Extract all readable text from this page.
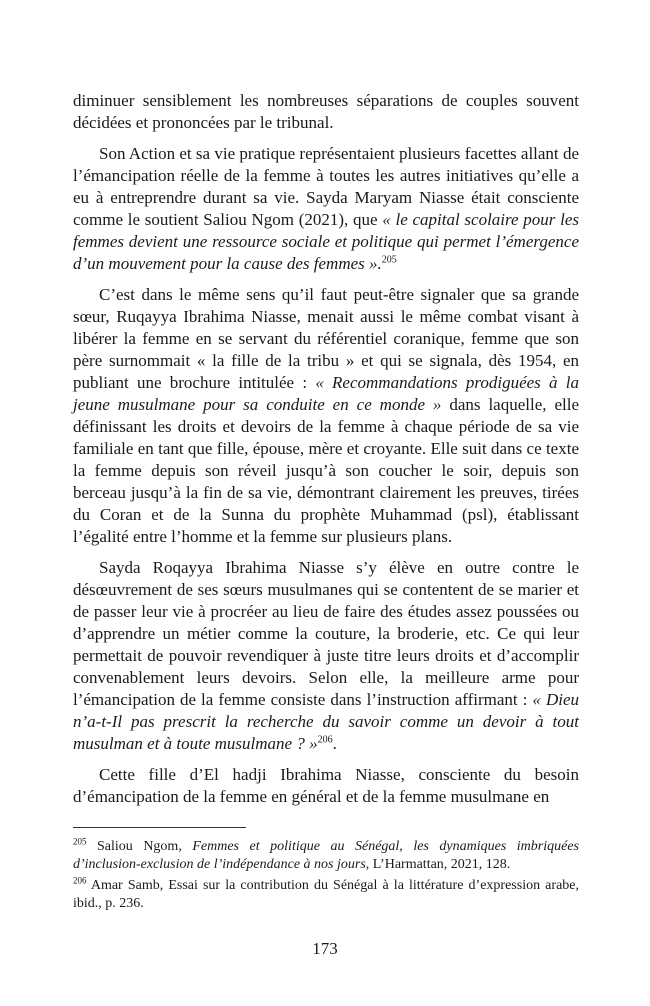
diminuer sensiblement les nombreuses séparations de couples souvent décidées et prononcées par le tribunal.

Son Action et sa vie pratique représentaient plusieurs facettes allant de l’émancipation réelle de la femme à toutes les autres initiatives qu’elle a eu à entreprendre durant sa vie. Sayda Maryam Niasse était consciente comme le soutient Saliou Ngom (2021), que « le capital scolaire pour les femmes devient une ressource sociale et politique qui permet l’émergence d’un mouvement pour la cause des femmes ».$^{205}$

C’est dans le même sens qu’il faut peut-être signaler que sa grande sœur, Ruqayya Ibrahima Niasse, menait aussi le même combat visant à libérer la femme en se servant du référentiel coranique, femme que son père surnommait « la fille de la tribu » et qui se signala, dès 1954, en publiant une brochure intitulée : « Recommandations prodiguées à la jeune musulmane pour sa conduite en ce monde » dans laquelle, elle définissant les droits et devoirs de la femme à chaque période de sa vie familiale en tant que fille, épouse, mère et croyante. Elle suit dans ce texte la femme depuis son réveil jusqu’à son coucher le soir, depuis son berceau jusqu’à la fin de sa vie, démontrant clairement les preuves, tirées du Coran et de la Sunna du prophète Muhammad (psl), établissant l’égalité entre l’homme et la femme sur plusieurs plans.

Sayda Roqayya Ibrahima Niasse s’y élève en outre contre le désœuvrement de ses sœurs musulmanes qui se contentent de se marier et de passer leur vie à procréer au lieu de faire des études assez poussées ou d’apprendre un métier comme la couture, la broderie, etc. Ce qui leur permettait de pouvoir revendiquer à juste titre leurs droits et d’accomplir convenablement leurs devoirs. Selon elle, la meilleure arme pour l’émancipation de la femme consiste dans l’instruction affirmant : « Dieu n’a-t-Il pas prescrit la recherche du savoir comme un devoir à tout musulman et à toute musulmane ? »$^{206}$.

Cette fille d’El hadji Ibrahima Niasse, consciente du besoin d’émancipation de la femme en général et de la femme musulmane en

$^{205}$ Saliou Ngom, Femmes et politique au Sénégal, les dynamiques imbriquées d’inclusion-exclusion de l’indépendance à nos jours, L’Harmattan, 2021, 128.

$^{206}$ Amar Samb, Essai sur la contribution du Sénégal à la littérature d’expression arabe, ibid., p. 236.

173
